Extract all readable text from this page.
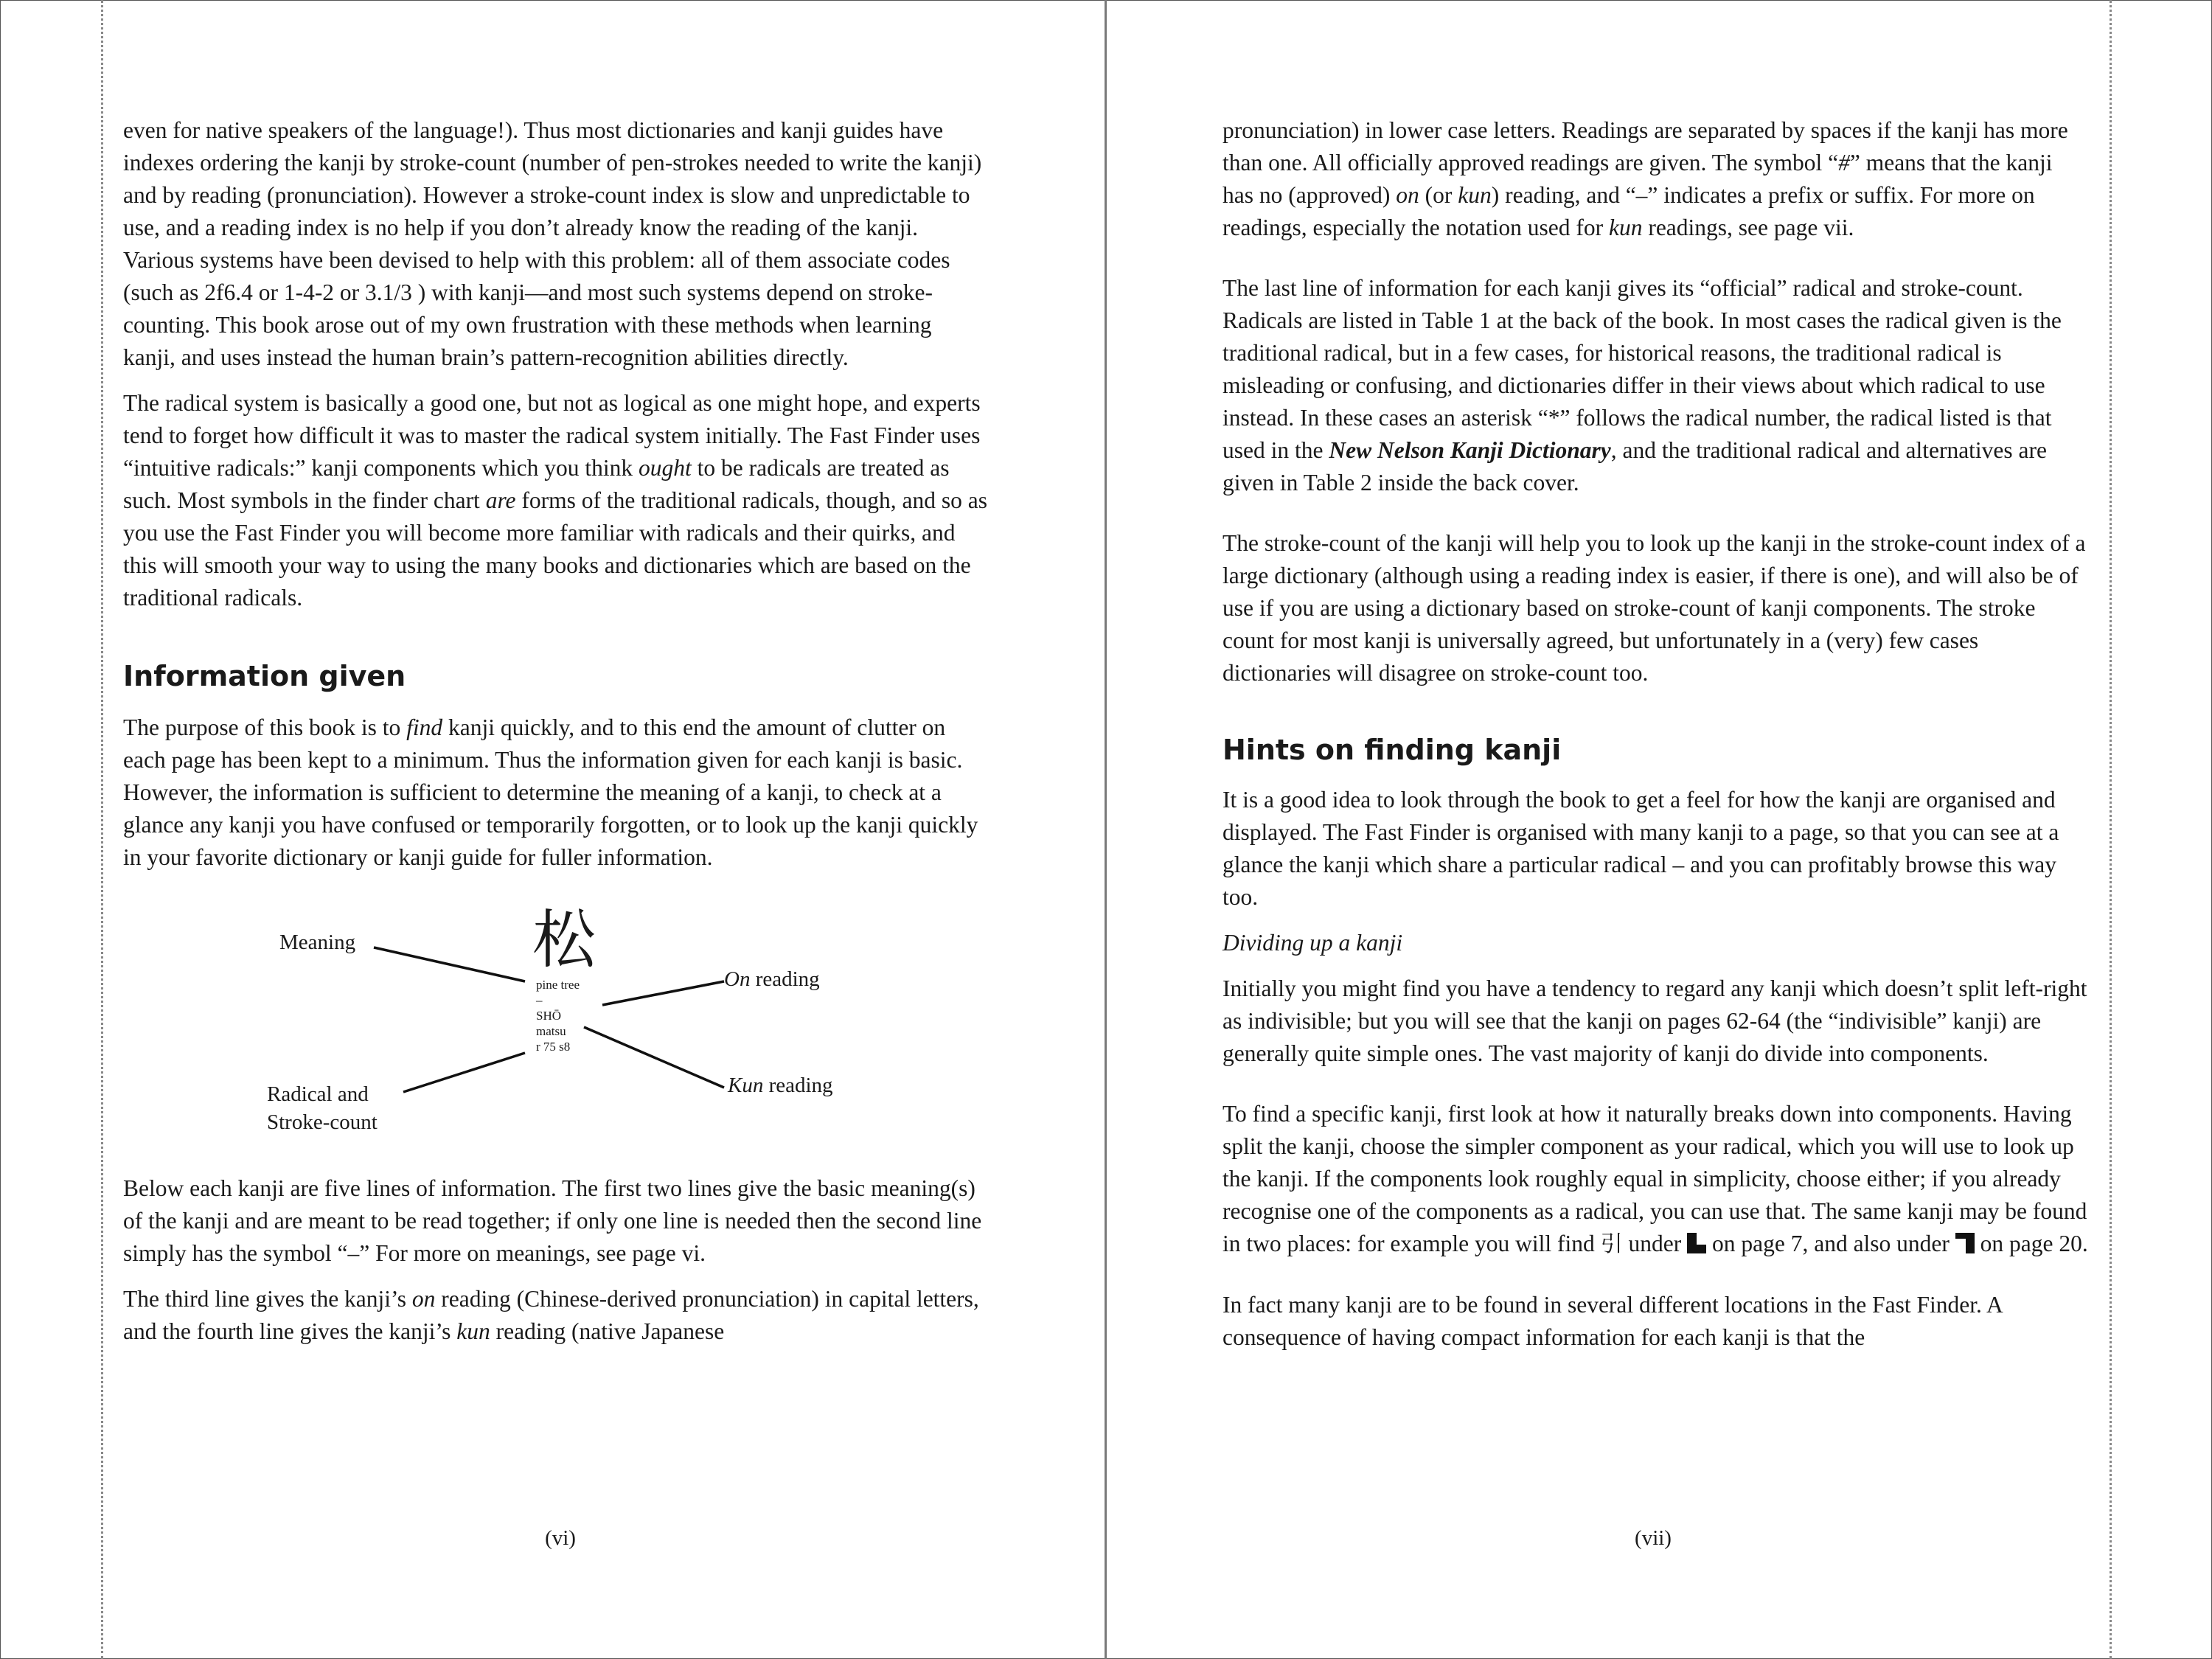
even for native speakers of the language!). Thus most dictionaries and kanji guides have indexes ordering the kanji by stroke-count (number of pen-strokes needed to write the kanji) and by reading (pronunciation). However a stroke-count index is slow and unpredictable to use, and a reading index is no help if you don’t already know the reading of the kanji. Various systems have been devised to help with this problem: all of them associate codes (such as 2f6.4 or 1-4-2 or 3.1/3 ) with kanji—and most such systems depend on stroke-counting. This book arose out of my own frustration with these methods when learning kanji, and uses instead the human brain’s pattern-recognition abilities directly.

The radical system is basically a good one, but not as logical as one might hope, and experts tend to forget how difficult it was to master the radical system initially. The Fast Finder uses “intuitive radicals:” kanji components which you think ought to be radicals are treated as such. Most symbols in the finder chart are forms of the traditional radicals, though, and so as you use the Fast Finder you will become more familiar with radicals and their quirks, and this will smooth your way to using the many books and dictionaries which are based on the traditional radicals.

Information given

The purpose of this book is to find kanji quickly, and to this end the amount of clutter on each page has been kept to a minimum. Thus the information given for each kanji is basic. However, the information is sufficient to determine the meaning of a kanji, to check at a glance any kanji you have confused or temporarily forgotten, or to look up the kanji quickly in your favorite dictionary or kanji guide for fuller information.

松
pine tree
–
SHŌ
matsu
r 75 s8
Meaning
On reading
Kun reading
Radical and
Stroke-count

Below each kanji are five lines of information. The first two lines give the basic meaning(s) of the kanji and are meant to be read together; if only one line is needed then the second line simply has the symbol “–” For more on meanings, see page vi.

The third line gives the kanji’s on reading (Chinese-derived pronunciation) in capital letters, and the fourth line gives the kanji’s kun reading (native Japanese

(vi)

pronunciation) in lower case letters. Readings are separated by spaces if the kanji has more than one. All officially approved readings are given. The symbol “#” means that the kanji has no (approved) on (or kun) reading, and “–” indicates a prefix or suffix. For more on readings, especially the notation used for kun readings, see page vii.

The last line of information for each kanji gives its “official” radical and stroke-count. Radicals are listed in Table 1 at the back of the book. In most cases the radical given is the traditional radical, but in a few cases, for historical reasons, the traditional radical is misleading or confusing, and dictionaries differ in their views about which radical to use instead. In these cases an asterisk “*” follows the radical number, the radical listed is that used in the New Nelson Kanji Dictionary, and the traditional radical and alternatives are given in Table 2 inside the back cover.

The stroke-count of the kanji will help you to look up the kanji in the stroke-count index of a large dictionary (although using a reading index is easier, if there is one), and will also be of use if you are using a dictionary based on stroke-count of kanji components. The stroke count for most kanji is universally agreed, but unfortunately in a (very) few cases dictionaries will disagree on stroke-count too.

Hints on finding kanji

It is a good idea to look through the book to get a feel for how the kanji are organised and displayed. The Fast Finder is organised with many kanji to a page, so that you can see at a glance the kanji which share a particular radical – and you can profitably browse this way too.

Dividing up a kanji

Initially you might find you have a tendency to regard any kanji which doesn’t split left-right as indivisible; but you will see that the kanji on pages 62-64 (the “indivisible” kanji) are generally quite simple ones. The vast majority of kanji do divide into components.

To find a specific kanji, first look at how it naturally breaks down into components. Having split the kanji, choose the simpler component as your radical, which you will use to look up the kanji. If the components look roughly equal in simplicity, choose either; if you already recognise one of the components as a radical, you can use that. The same kanji may be found in two places: for example you will find 引 under  on page 7, and also under  on page 20.

In fact many kanji are to be found in several different locations in the Fast Finder. A consequence of having compact information for each kanji is that the

(vii)
